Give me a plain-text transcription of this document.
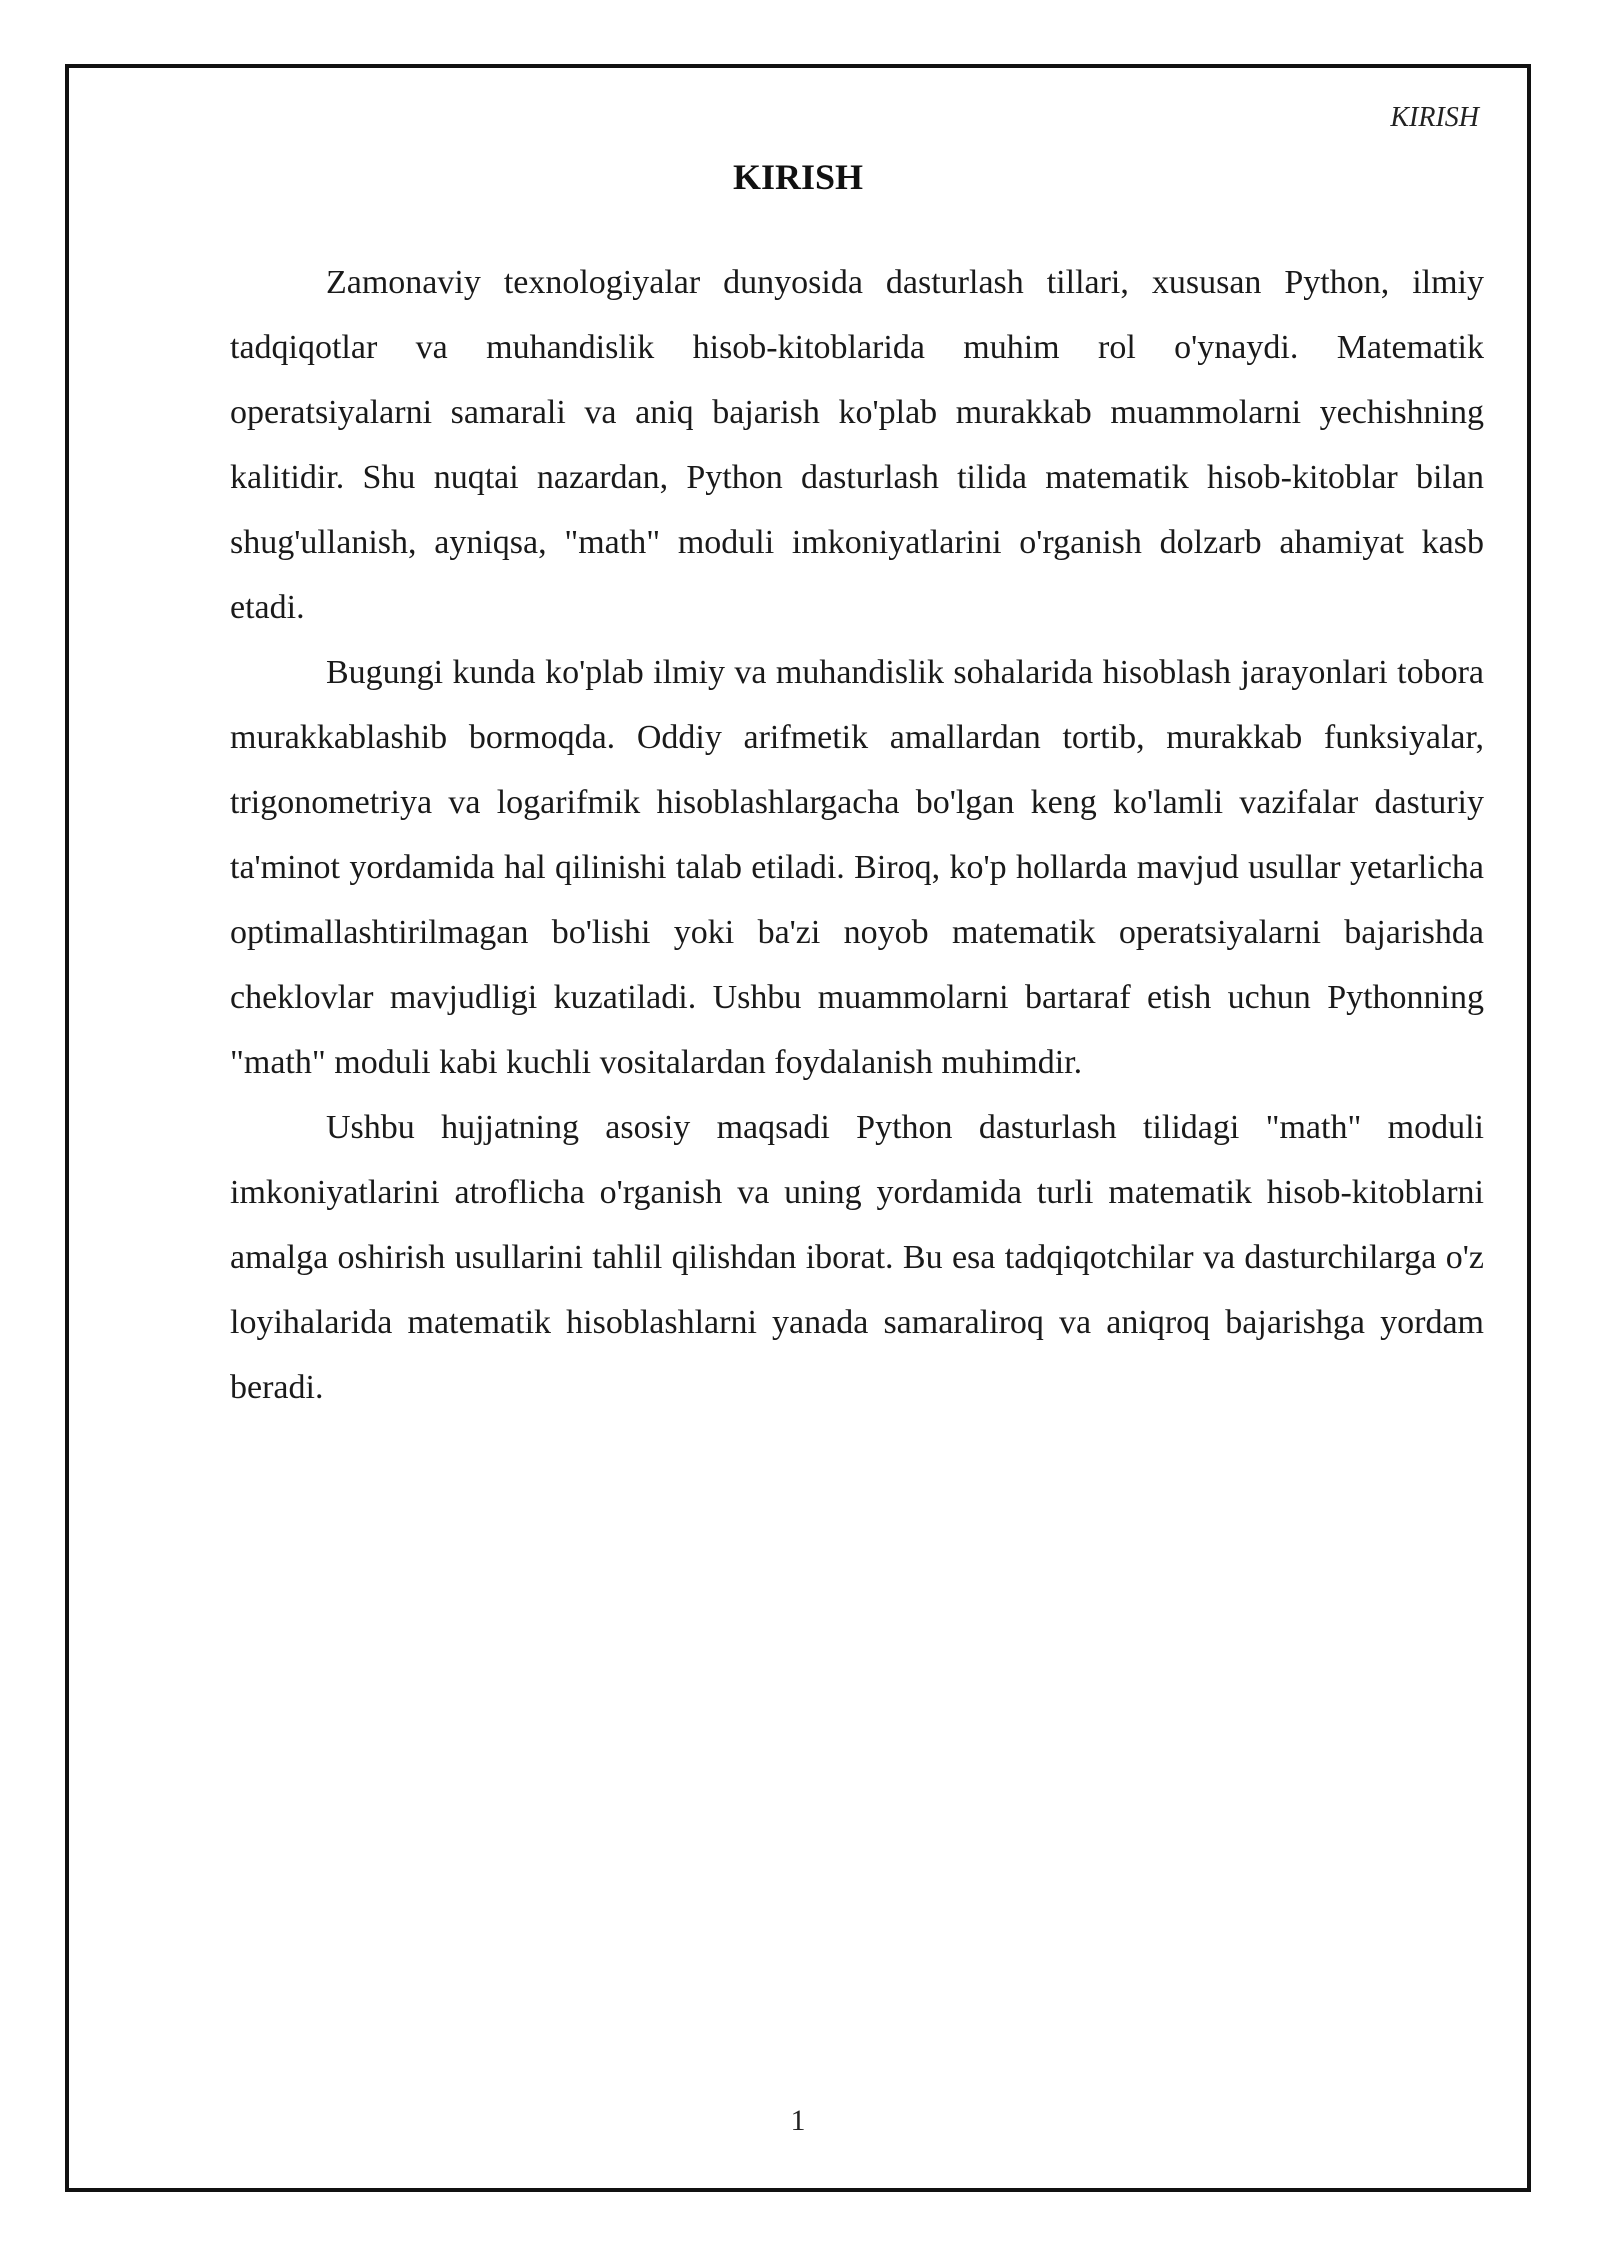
KIRISH
KIRISH

Zamonaviy texnologiyalar dunyosida dasturlash tillari, xususan Python, ilmiy tadqiqotlar va muhandislik hisob-kitoblarida muhim rol o'ynaydi. Matematik operatsiyalarni samarali va aniq bajarish ko'plab murakkab muammolarni yechishning kalitidir. Shu nuqtai nazardan, Python dasturlash tilida matematik hisob-kitoblar bilan shug'ullanish, ayniqsa, "math" moduli imkoniyatlarini o'rganish dolzarb ahamiyat kasb etadi.

Bugungi kunda ko'plab ilmiy va muhandislik sohalarida hisoblash jarayonlari tobora murakkablashib bormoqda. Oddiy arifmetik amallardan tortib, murakkab funksiyalar, trigonometriya va logarifmik hisoblashlargacha bo'lgan keng ko'lamli vazifalar dasturiy ta'minot yordamida hal qilinishi talab etiladi. Biroq, ko'p hollarda mavjud usullar yetarlicha optimallashtirilmagan bo'lishi yoki ba'zi noyob matematik operatsiyalarni bajarishda cheklovlar mavjudligi kuzatiladi. Ushbu muammolarni bartaraf etish uchun Pythonning "math" moduli kabi kuchli vositalardan foydalanish muhimdir.

Ushbu hujjatning asosiy maqsadi Python dasturlash tilidagi "math" moduli imkoniyatlarini atroflicha o'rganish va uning yordamida turli matematik hisob-kitoblarni amalga oshirish usullarini tahlil qilishdan iborat. Bu esa tadqiqotchilar va dasturchilarga o'z loyihalarida matematik hisoblashlarni yanada samaraliroq va aniqroq bajarishga yordam beradi.

1
